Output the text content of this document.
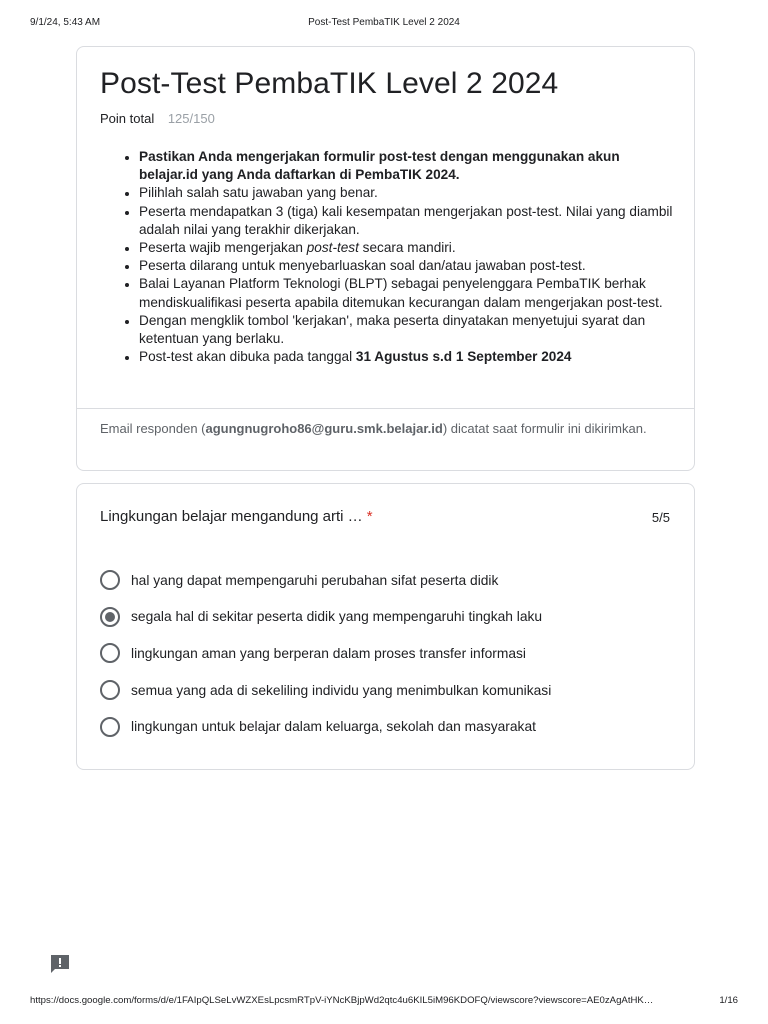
9/1/24, 5:43 AM	Post-Test PembaTIK Level 2 2024
Post-Test PembaTIK Level 2 2024
Poin total 125/150
• Pastikan Anda mengerjakan formulir post-test dengan menggunakan akun belajar.id yang Anda daftarkan di PembaTIK 2024.
• Pilihlah salah satu jawaban yang benar.
• Peserta mendapatkan 3 (tiga) kali kesempatan mengerjakan post-test. Nilai yang diambil adalah nilai yang terakhir dikerjakan.
• Peserta wajib mengerjakan post-test secara mandiri.
• Peserta dilarang untuk menyebarluaskan soal dan/atau jawaban post-test.
• Balai Layanan Platform Teknologi (BLPT) sebagai penyelenggara PembaTIK berhak mendiskualifikasi peserta apabila ditemukan kecurangan dalam mengerjakan post-test.
• Dengan mengklik tombol 'kerjakan', maka peserta dinyatakan menyetujui syarat dan ketentuan yang berlaku.
• Post-test akan dibuka pada tanggal 31 Agustus s.d 1 September 2024
Email responden (agungnugroho86@guru.smk.belajar.id) dicatat saat formulir ini dikirimkan.
Lingkungan belajar mengandung arti … *	5/5
hal yang dapat mempengaruhi perubahan sifat peserta didik
segala hal di sekitar peserta didik yang mempengaruhi tingkah laku
lingkungan aman yang berperan dalam proses transfer informasi
semua yang ada di sekeliling individu yang menimbulkan komunikasi
lingkungan untuk belajar dalam keluarga, sekolah dan masyarakat
https://docs.google.com/forms/d/e/1FAIpQLSeLvWZXEsLpcsmRTpV-iYNcKBjpWd2qtc4u6KIL5iM96KDOFQ/viewscore?viewscore=AE0zAgAtHK…	1/16
